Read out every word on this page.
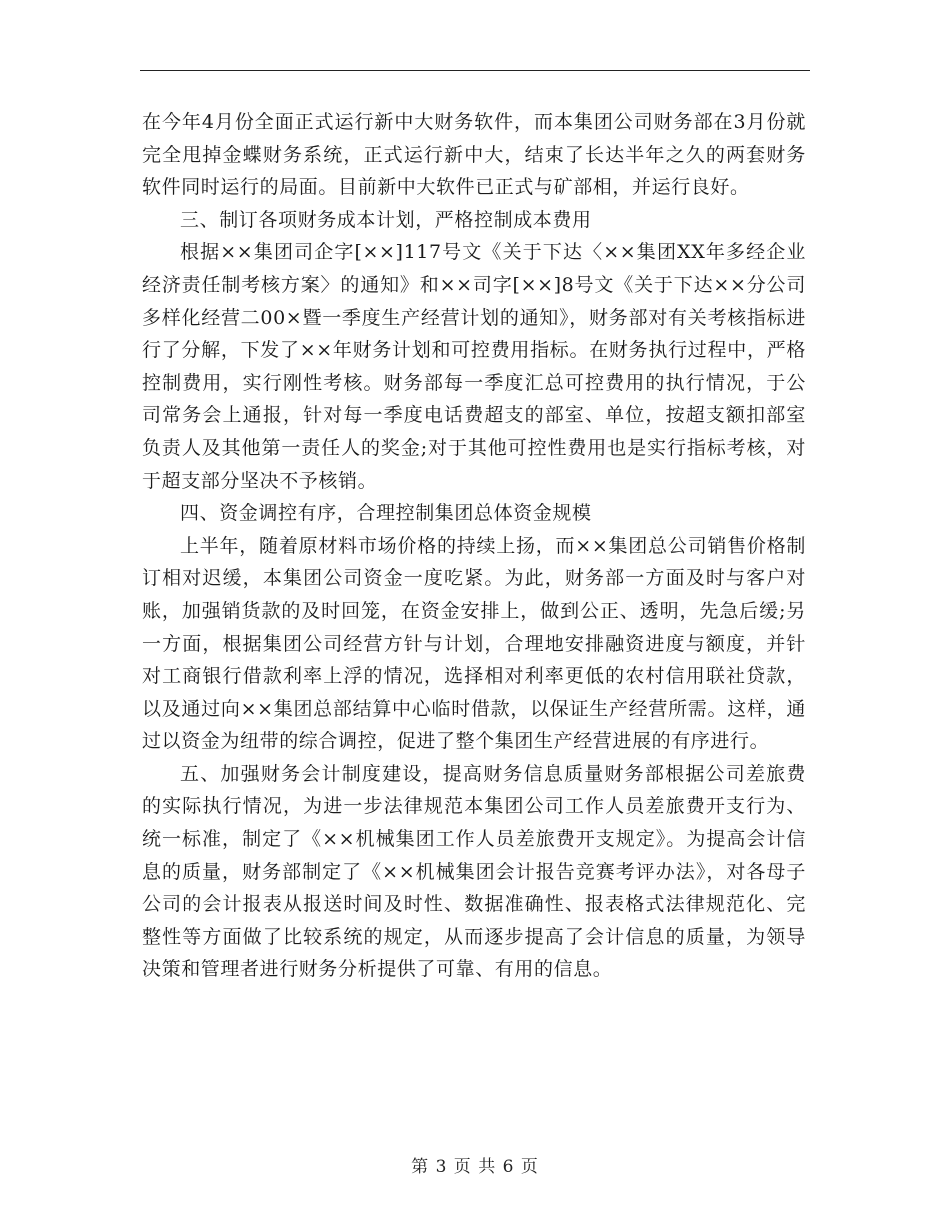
在今年4月份全面正式运行新中大财务软件，而本集团公司财务部在3月份就完全甩掉金蝶财务系统，正式运行新中大，结束了长达半年之久的两套财务软件同时运行的局面。目前新中大软件已正式与矿部相，并运行良好。

三、制订各项财务成本计划，严格控制成本费用

根据××集团司企字[××]117号文《关于下达〈××集团XX年多经企业经济责任制考核方案〉的通知》和××司字[××]8号文《关于下达××分公司多样化经营二00×暨一季度生产经营计划的通知》，财务部对有关考核指标进行了分解，下发了××年财务计划和可控费用指标。在财务执行过程中，严格控制费用，实行刚性考核。财务部每一季度汇总可控费用的执行情况，于公司常务会上通报，针对每一季度电话费超支的部室、单位，按超支额扣部室负责人及其他第一责任人的奖金;对于其他可控性费用也是实行指标考核，对于超支部分坚决不予核销。

四、资金调控有序，合理控制集团总体资金规模

上半年，随着原材料市场价格的持续上扬，而××集团总公司销售价格制订相对迟缓，本集团公司资金一度吃紧。为此，财务部一方面及时与客户对账，加强销货款的及时回笼，在资金安排上，做到公正、透明，先急后缓;另一方面，根据集团公司经营方针与计划，合理地安排融资进度与额度，并针对工商银行借款利率上浮的情况，选择相对利率更低的农村信用联社贷款，以及通过向××集团总部结算中心临时借款，以保证生产经营所需。这样，通过以资金为纽带的综合调控，促进了整个集团生产经营进展的有序进行。

五、加强财务会计制度建设，提高财务信息质量财务部根据公司差旅费的实际执行情况，为进一步法律规范本集团公司工作人员差旅费开支行为、统一标准，制定了《××机械集团工作人员差旅费开支规定》。为提高会计信息的质量，财务部制定了《××机械集团会计报告竞赛考评办法》，对各母子公司的会计报表从报送时间及时性、数据准确性、报表格式法律规范化、完整性等方面做了比较系统的规定，从而逐步提高了会计信息的质量，为领导决策和管理者进行财务分析提供了可靠、有用的信息。

第 3 页 共 6 页
